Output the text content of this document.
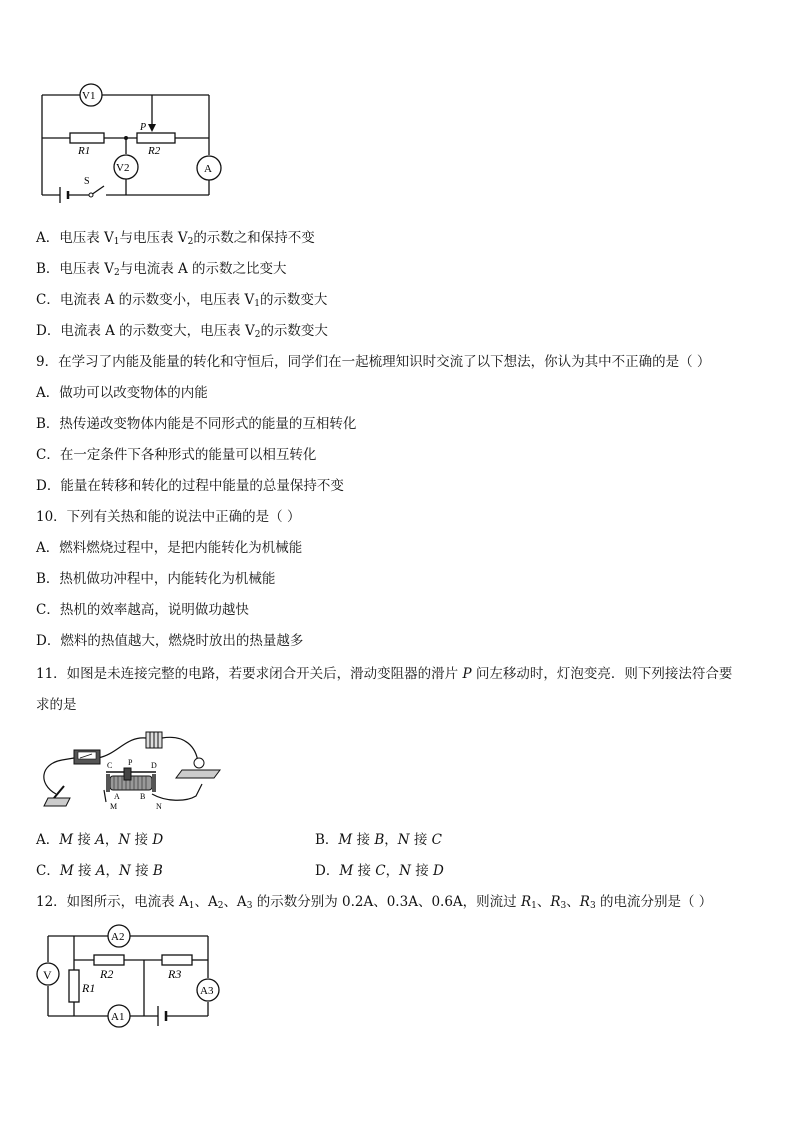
V1
V2	A
R1	R2
P
S
A．电压表 $V_1$与电压表 $V_2$的示数之和保持不变
B．电压表 $V_2$与电流表 A 的示数之比变大
C．电流表 A 的示数变小，电压表 $V_1$的示数变大
D．电流表 A 的示数变大，电压表 $V_2$的示数变大
9．在学习了内能及能量的转化和守恒后，同学们在一起梳理知识时交流了以下想法，你认为其中不正确的是（ ）
A．做功可以改变物体的内能
B．热传递改变物体内能是不同形式的能量的互相转化
C．在一定条件下各种形式的能量可以相互转化
D．能量在转移和转化的过程中能量的总量保持不变
10．下列有关热和能的说法中正确的是（ ）
A．燃料燃烧过程中，是把内能转化为机械能
B．热机做功冲程中，内能转化为机械能
C．热机的效率越高，说明做功越快
D．燃料的热值越大，燃烧时放出的热量越多
11．如图是未连接完整的电路，若要求闭合开关后，滑动变阻器的滑片 P 问左移动时，灯泡变亮．则下列接法符合要
求的是
C P D
A	B
M	N
A．M 接 A，N 接 D	B．M 接 B，N 接 C
C．M 接 A，N 接 B	D．M 接 C，N 接 D
12．如图所示，电流表 $A_1$、$A_2$、$A_3$ 的示数分别为 0.2A、0.3A、0.6A，则流过 $R_1$、$R_3$、$R_3$ 的电流分别是（ ）
V
A2
R2	R3
R1	A3
A1
